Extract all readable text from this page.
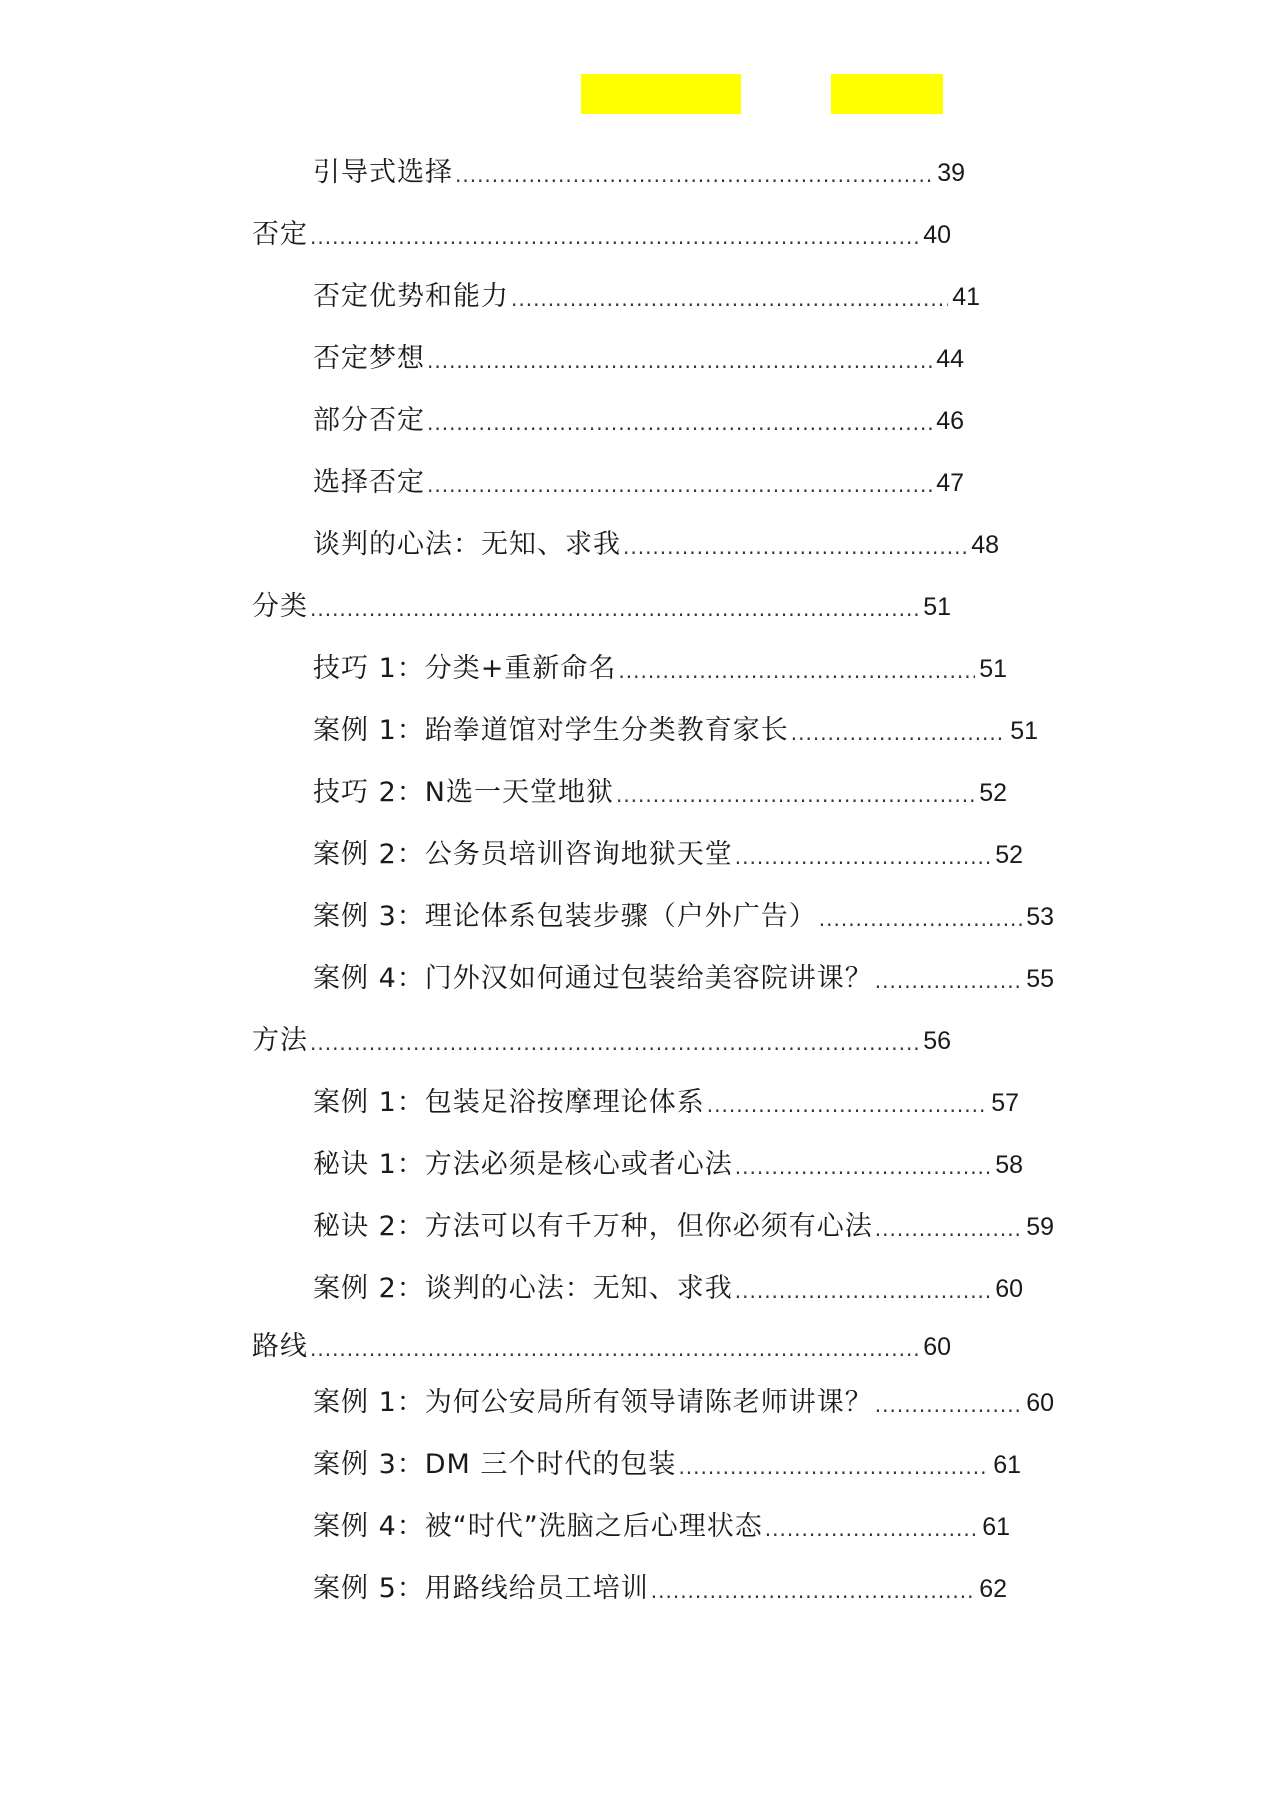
引导式选择 .....	39
否定 .....	40
否定优势和能力 .....	41
否定梦想 .....	44
部分否定 .....	46
选择否定 .....	47
谈判的心法：无知、求我 .....	48
分类 .....	51
技巧 1：分类+重新命名 .....	51
案例 1：跆拳道馆对学生分类教育家长 .....	51
技巧 2：N选一天堂地狱 .....	52
案例 2：公务员培训咨询地狱天堂 .....	52
案例 3：理论体系包装步骤（户外广告） .....	53
案例 4：门外汉如何通过包装给美容院讲课？ .....	55
方法 .....	56
案例 1：包装足浴按摩理论体系 .....	57
秘诀 1：方法必须是核心或者心法 .....	58
秘诀 2：方法可以有千万种，但你必须有心法 .....	59
案例 2：谈判的心法：无知、求我 .....	60
路线 .....	60
案例 1：为何公安局所有领导请陈老师讲课？ .....	60
案例 3：DM 三个时代的包装 .....	61
案例 4：被“时代”洗脑之后心理状态 .....	61
案例 5：用路线给员工培训 .....	62
